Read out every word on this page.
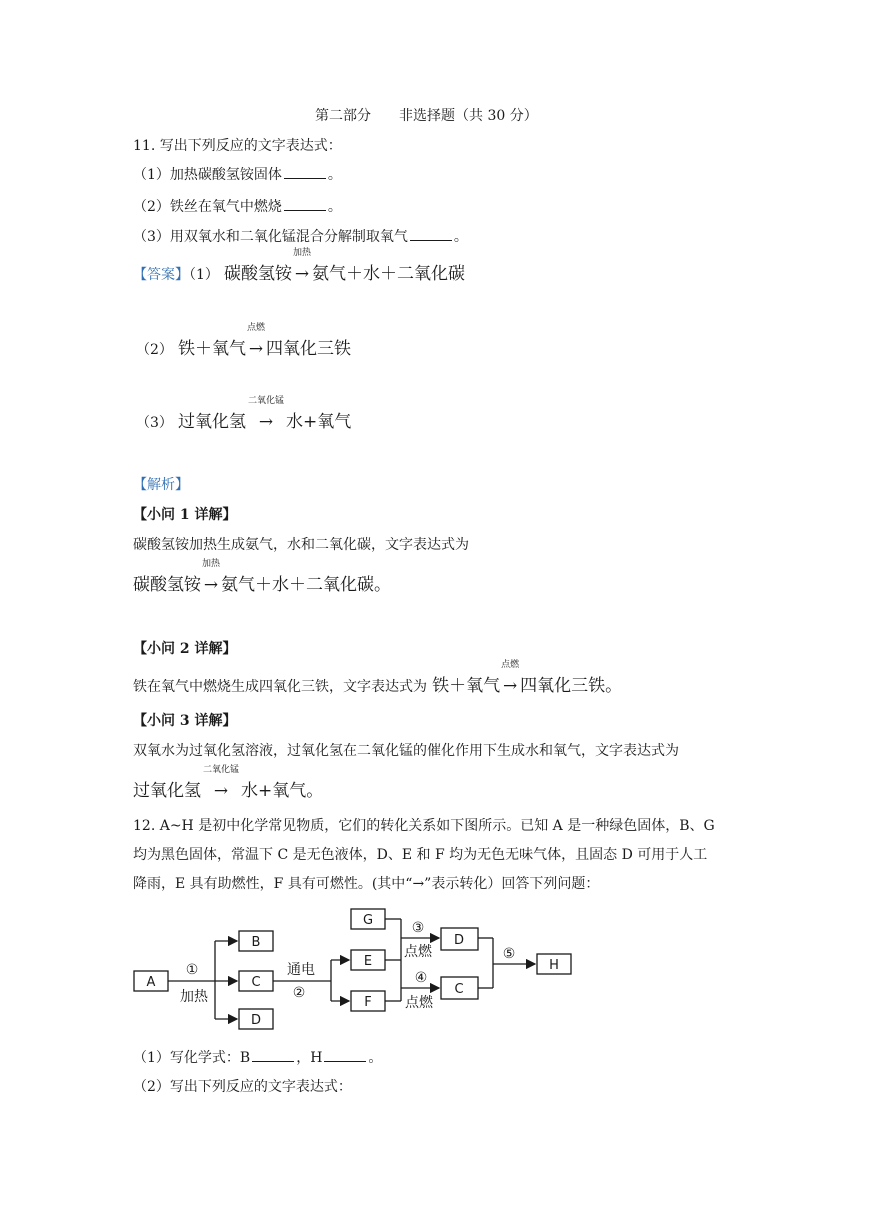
第二部分　　非选择题（共 30 分）
11. 写出下列反应的文字表达式：
（1）加热碳酸氢铵固体	。
（2）铁丝在氧气中燃烧	。
（3）用双氧水和二氧化锰混合分解制取氧气	。
【答案】（1） 碳酸氢铵
加热
→ 氨气＋水＋二氧化碳
（2） 铁＋氧气
点燃
→ 四氧化三铁
（3） 过氧化氢
二氧化锰
→ 水+氧气
【解析】
【小问 1 详解】
碳酸氢铵加热生成氨气，水和二氧化碳，文字表达式为
碳酸氢铵
加热
→ 氨气＋水＋二氧化碳。
【小问 2 详解】
铁在氧气中燃烧生成四氧化三铁，文字表达式为 铁＋氧气
点燃
→ 四氧化三铁。
【小问 3 详解】
双氧水为过氧化氢溶液，过氧化氢在二氧化锰的催化作用下生成水和氧气，文字表达式为
过氧化氢
二氧化锰
→ 水+氧气。
12. A~H 是初中化学常见物质，它们的转化关系如下图所示。已知 A 是一种绿色固体，B、G
均为黑色固体，常温下 C 是无色液体，D、E 和 F 均为无色无味气体，且固态 D 可用于人工
降雨，E 具有助燃性，F 具有可燃性。(其中“→”表示转化）回答下列问题：
A
B
C
D
G
E
F
D
C
H
①
加热
通电
②
③
点燃
④
点燃
⑤
（1）写化学式：B	，H	。
（2）写出下列反应的文字表达式：
